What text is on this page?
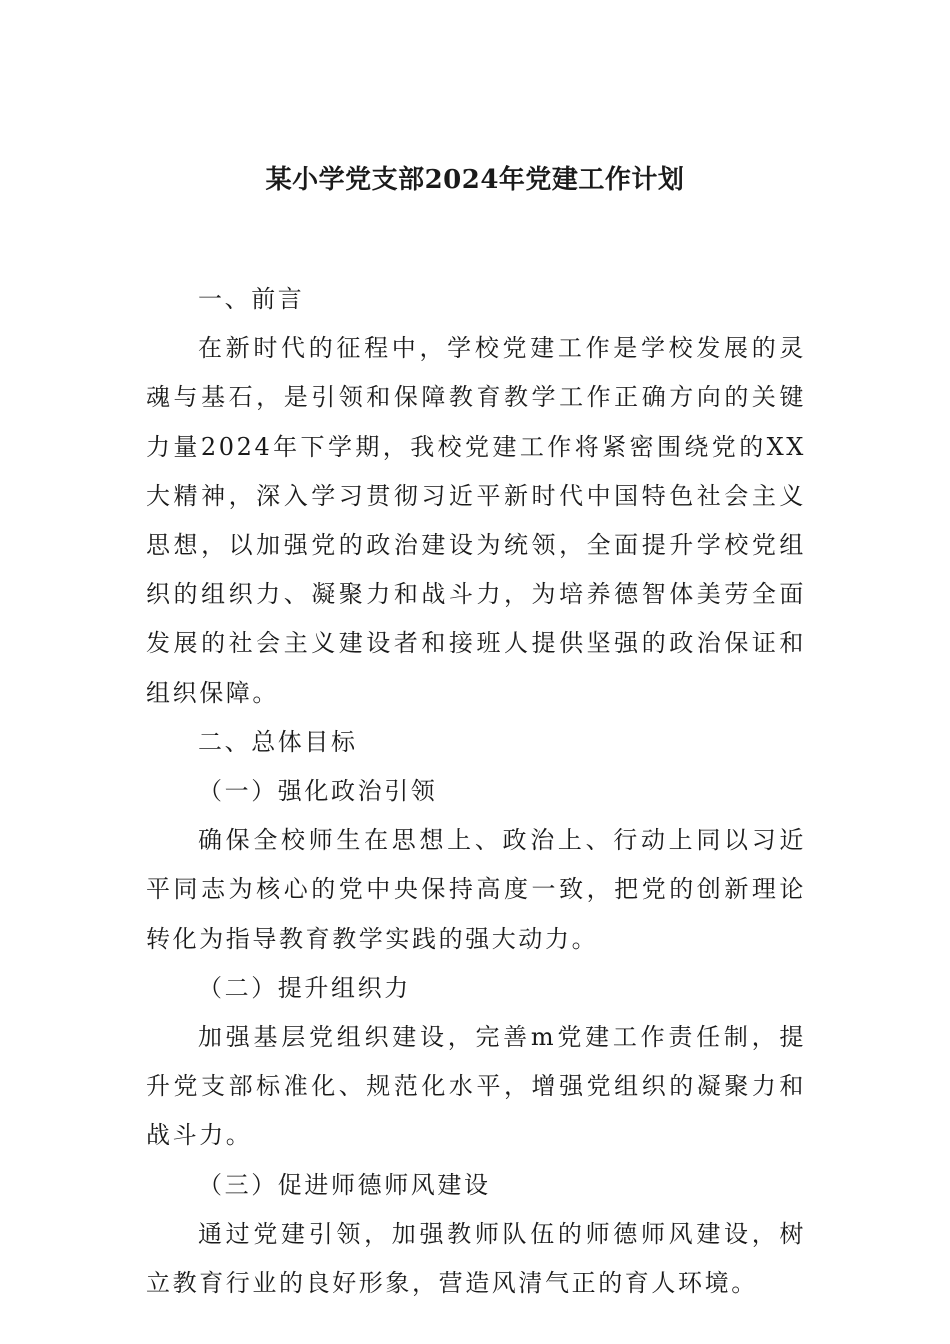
某小学党支部2024年党建工作计划

一、前言

在新时代的征程中，学校党建工作是学校发展的灵魂与基石，是引领和保障教育教学工作正确方向的关键力量2024年下学期，我校党建工作将紧密围绕党的XX大精神，深入学习贯彻习近平新时代中国特色社会主义思想，以加强党的政治建设为统领，全面提升学校党组织的组织力、凝聚力和战斗力，为培养德智体美劳全面发展的社会主义建设者和接班人提供坚强的政治保证和组织保障。

二、总体目标

（一）强化政治引领

确保全校师生在思想上、政治上、行动上同以习近平同志为核心的党中央保持高度一致，把党的创新理论转化为指导教育教学实践的强大动力。

（二）提升组织力

加强基层党组织建设，完善m党建工作责任制，提升党支部标准化、规范化水平，增强党组织的凝聚力和战斗力。

（三）促进师德师风建设

通过党建引领，加强教师队伍的师德师风建设，树立教育行业的良好形象，营造风清气正的育人环境。
